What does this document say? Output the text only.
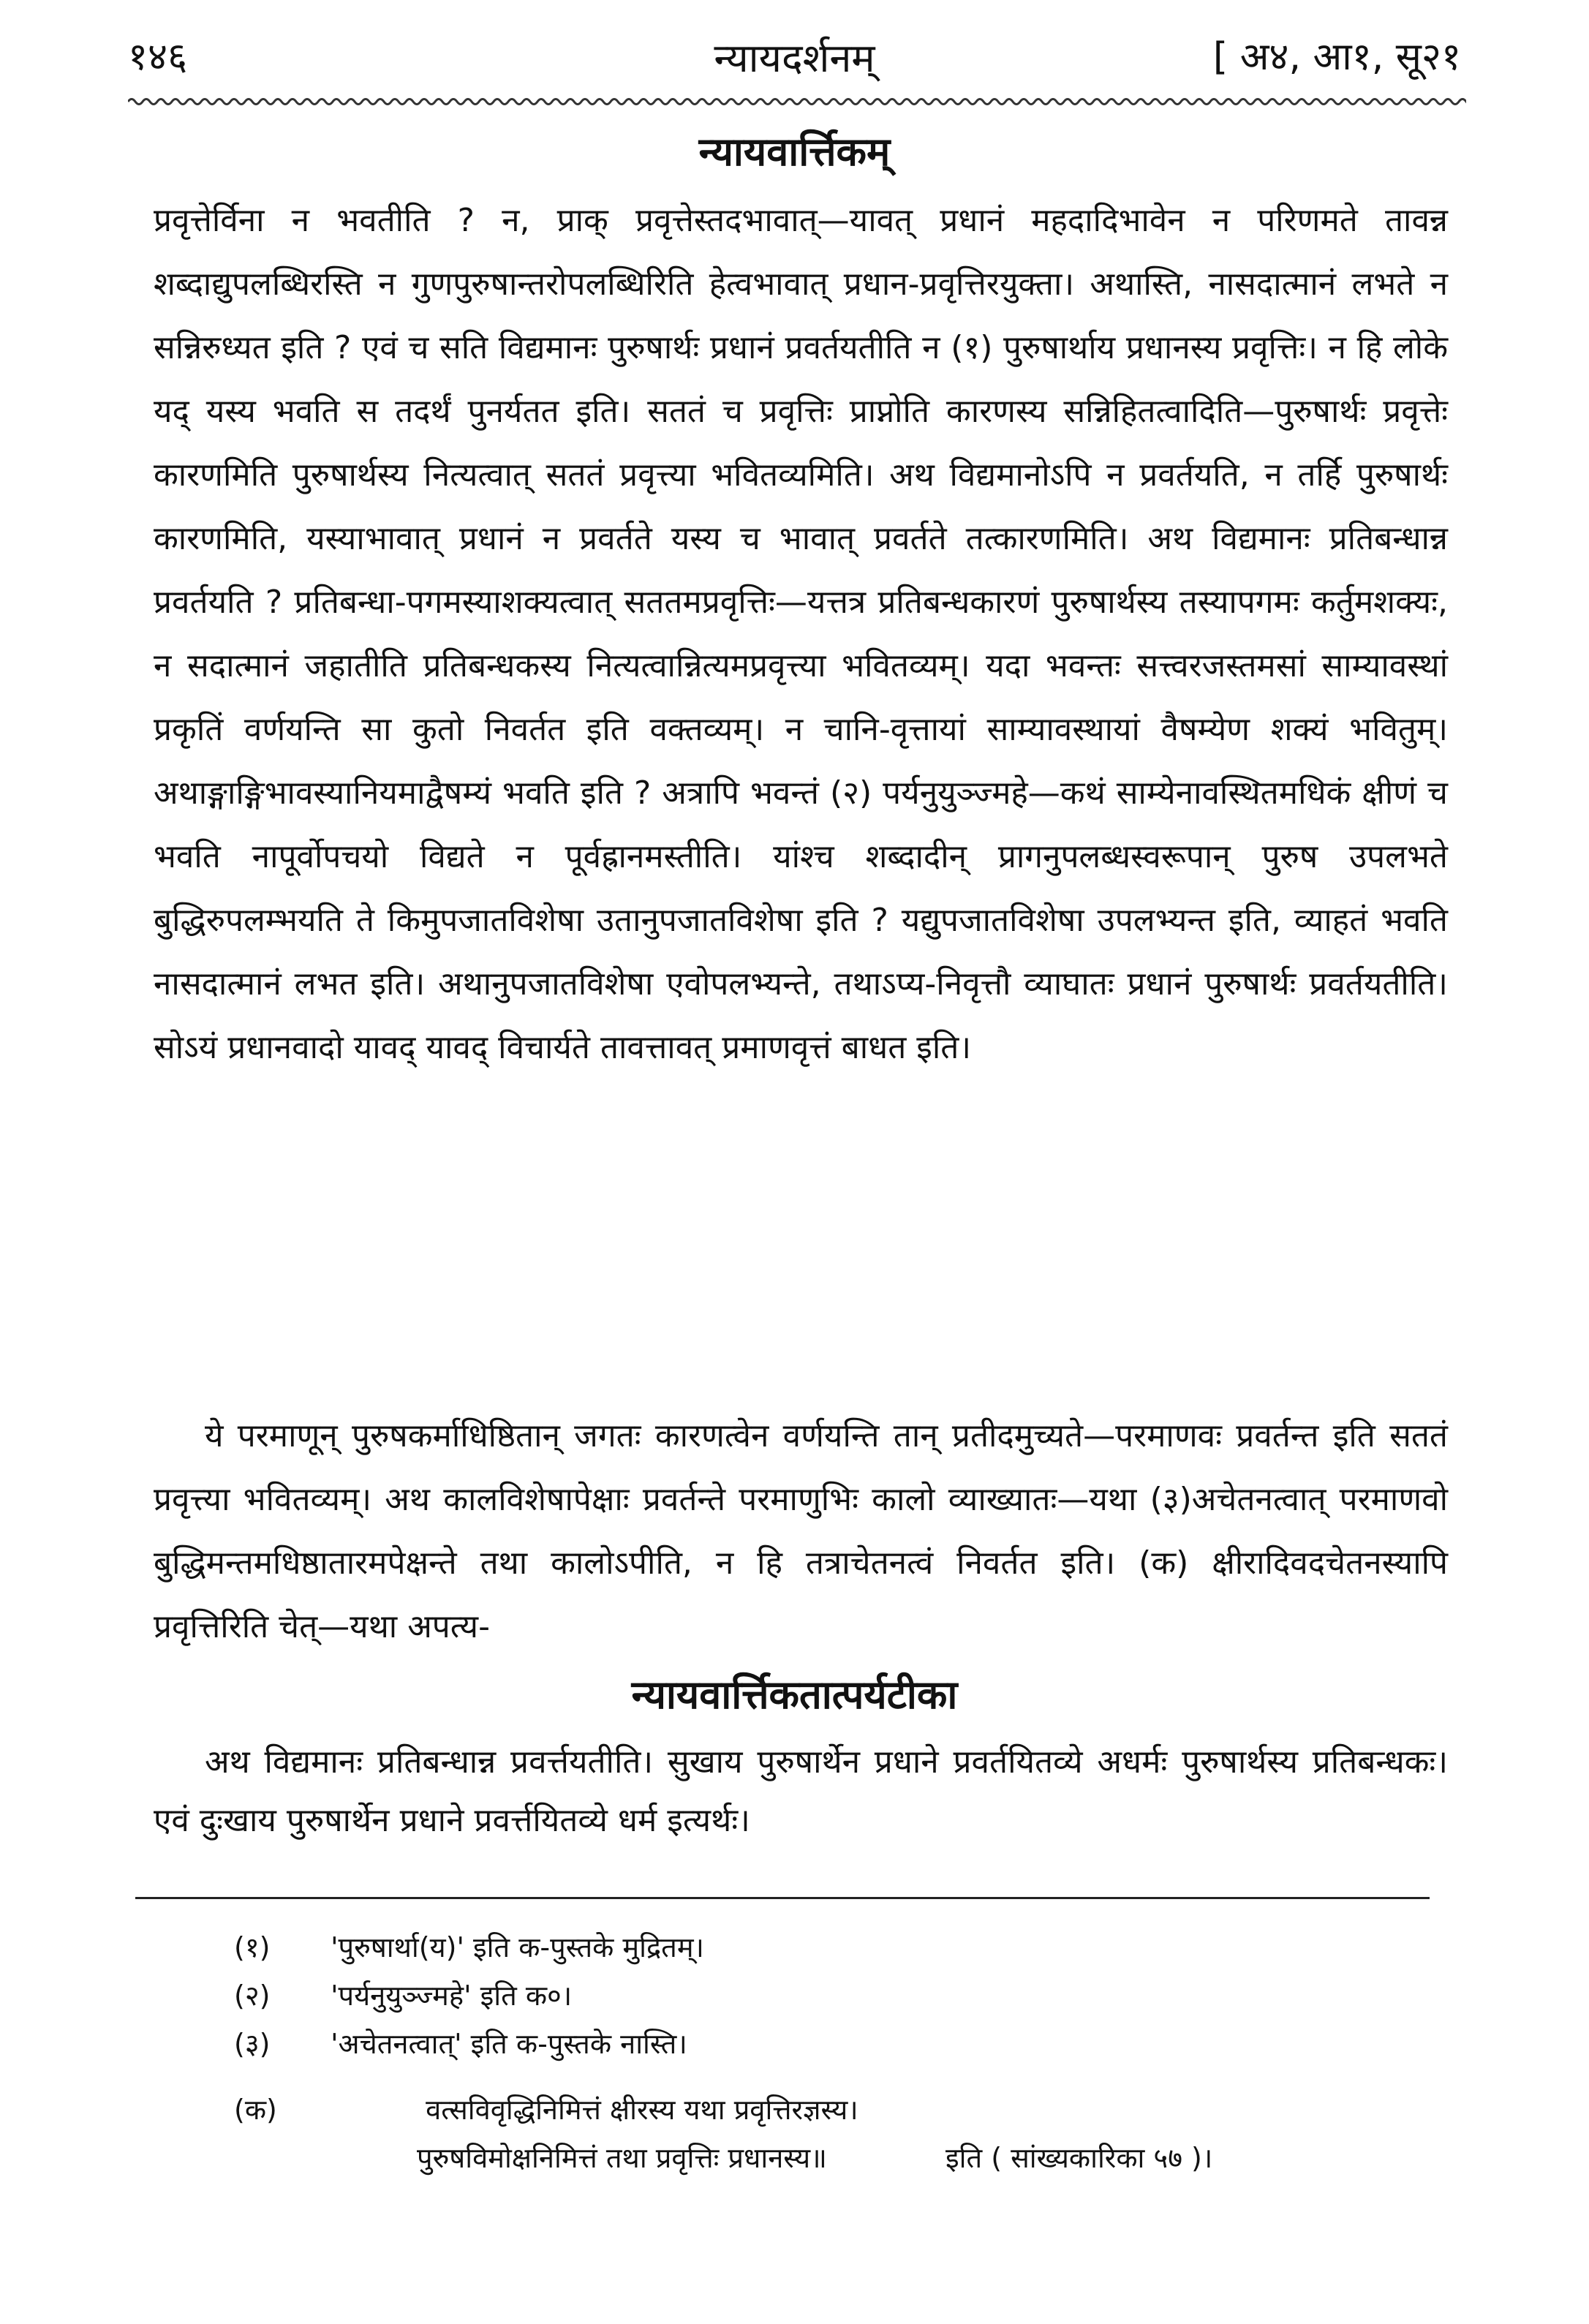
१४६	न्यायदर्शनम्	[ अ४, आ१, सू२१
न्यायवार्त्तिकम्

प्रवृत्तेर्विना न भवतीति ? न, प्राक् प्रवृत्तेस्तदभावात्—यावत् प्रधानं महदादिभावेन न परिणमते तावन्न शब्दाद्युपलब्धिरस्ति न गुणपुरुषान्तरोपलब्धिरिति हेत्वभावात् प्रधान-प्रवृत्तिरयुक्ता। अथास्ति, नासदात्मानं लभते न सन्निरुध्यत इति ? एवं च सति विद्यमानः पुरुषार्थः प्रधानं प्रवर्तयतीति न (१) पुरुषार्थाय प्रधानस्य प्रवृत्तिः। न हि लोके यद् यस्य भवति स तदर्थं पुनर्यतत इति। सततं च प्रवृत्तिः प्राप्नोति कारणस्य सन्निहितत्वादिति—पुरुषार्थः प्रवृत्तेः कारणमिति पुरुषार्थस्य नित्यत्वात् सततं प्रवृत्त्या भवितव्यमिति। अथ विद्यमानोऽपि न प्रवर्तयति, न तर्हि पुरुषार्थः कारणमिति, यस्याभावात् प्रधानं न प्रवर्तते यस्य च भावात् प्रवर्तते तत्कारणमिति। अथ विद्यमानः प्रतिबन्धान्न प्रवर्तयति ? प्रतिबन्धा-पगमस्याशक्यत्वात् सततमप्रवृत्तिः—यत्तत्र प्रतिबन्धकारणं पुरुषार्थस्य तस्यापगमः कर्तुमशक्यः, न सदात्मानं जहातीति प्रतिबन्धकस्य नित्यत्वान्नित्यमप्रवृत्त्या भवितव्यम्। यदा भवन्तः सत्त्वरजस्तमसां साम्यावस्थां प्रकृतिं वर्णयन्ति सा कुतो निवर्तत इति वक्तव्यम्। न चानि-वृत्तायां साम्यावस्थायां वैषम्येण शक्यं भवितुम्। अथाङ्गाङ्गिभावस्यानियमाद्वैषम्यं भवति इति ? अत्रापि भवन्तं (२) पर्यनुयुञ्ज्महे—कथं साम्येनावस्थितमधिकं क्षीणं च भवति नापूर्वोपचयो विद्यते न पूर्वह्रानमस्तीति। यांश्च शब्दादीन् प्रागनुपलब्धस्वरूपान् पुरुष उपलभते बुद्धिरुपलम्भयति ते किमुपजातविशेषा उतानुपजातविशेषा इति ? यद्युपजातविशेषा उपलभ्यन्त इति, व्याहतं भवति नासदात्मानं लभत इति। अथानुपजातविशेषा एवोपलभ्यन्ते, तथाऽप्य-निवृत्तौ व्याघातः प्रधानं पुरुषार्थः प्रवर्तयतीति। सोऽयं प्रधानवादो यावद् यावद् विचार्यते तावत्तावत् प्रमाणवृत्तं बाधत इति।

ये परमाणून् पुरुषकर्माधिष्ठितान् जगतः कारणत्वेन वर्णयन्ति तान् प्रतीदमुच्यते—परमाणवः प्रवर्तन्त इति सततं प्रवृत्त्या भवितव्यम्। अथ कालविशेषापेक्षाः प्रवर्तन्ते परमाणुभिः कालो व्याख्यातः—यथा (३)अचेतनत्वात् परमाणवो बुद्धिमन्तमधिष्ठातारमपेक्षन्ते तथा कालोऽपीति, न हि तत्राचेतनत्वं निवर्तत इति। (क) क्षीरादिवदचेतनस्यापि प्रवृत्तिरिति चेत्—यथा अपत्य-

न्यायवार्त्तिकतात्पर्यटीका

अथ विद्यमानः प्रतिबन्धान्न प्रवर्त्तयतीति। सुखाय पुरुषार्थेन प्रधाने प्रवर्तयितव्ये अधर्मः पुरुषार्थस्य प्रतिबन्धकः। एवं दुःखाय पुरुषार्थेन प्रधाने प्रवर्त्तयितव्ये धर्म इत्यर्थः।

(१) 'पुरुषार्था(य)' इति क-पुस्तके मुद्रितम्।
(२) 'पर्यनुयुञ्ज्महे' इति क०।
(३) 'अचेतनत्वात्' इति क-पुस्तके नास्ति।
(क)	वत्सविवृद्धिनिमित्तं क्षीरस्य यथा प्रवृत्तिरज्ञस्य।
पुरुषविमोक्षनिमित्तं तथा प्रवृत्तिः प्रधानस्य॥	इति ( सांख्यकारिका ५७ )।
